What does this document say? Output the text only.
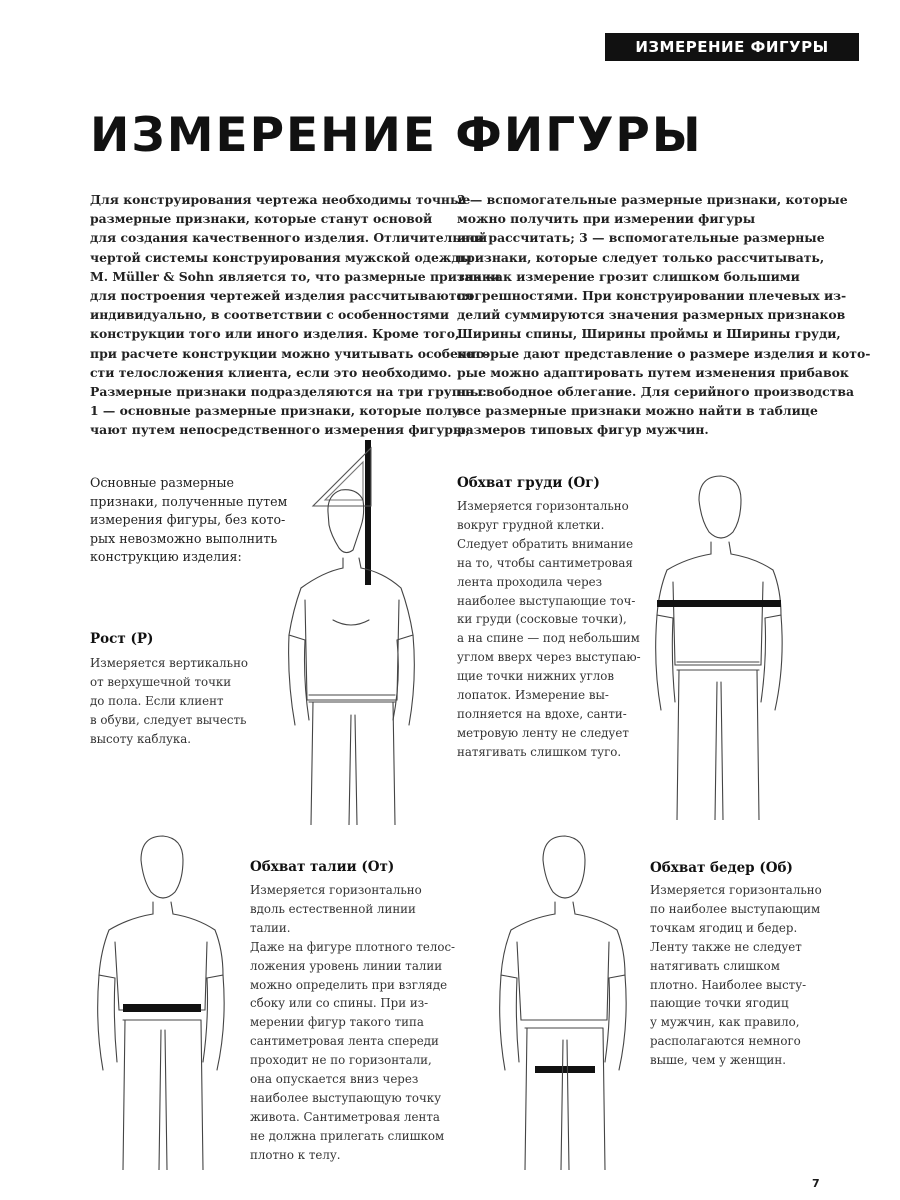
ИЗМЕРЕНИЕ ФИГУРЫ
ИЗМЕРЕНИЕ ФИГУРЫ
Для конструирования чертежа необходимы точные
размерные признаки, которые станут основой
для создания качественного изделия. Отличительной
чертой системы конструирования мужской одежды
M. Müller & Sohn является то, что размерные признаки
для построения чертежей изделия рассчитываются
индивидуально, в соответствии с особенностями
конструкции того или иного изделия. Кроме того,
при расчете конструкции можно учитывать особенно-
сти телосложения клиента, если это необходимо.
Размерные признаки подразделяются на три группы:
1 — основные размерные признаки, которые полу-
чают путем непосредственного измерения фигуры;
2 — вспомогательные размерные признаки, которые
можно получить при измерении фигуры
или рассчитать; 3 — вспомогательные размерные
признаки, которые следует только рассчитывать,
так как измерение грозит слишком большими
погрешностями. При конструировании плечевых из-
делий суммируются значения размерных признаков
Ширины спины, Ширины проймы и Ширины груди,
которые дают представление о размере изделия и кото-
рые можно адаптировать путем изменения прибавок
на свободное облегание. Для серийного производства
все размерные признаки можно найти в таблице
размеров типовых фигур мужчин.
Основные размерные
признаки, полученные путем
измерения фигуры, без кото-
рых невозможно выполнить
конструкцию изделия:
Рост (Р)
Измеряется вертикально
от верхушечной точки
до пола. Если клиент
в обуви, следует вычесть
высоту каблука.
Обхват груди (Ог)
Измеряется горизонтально
вокруг грудной клетки.
Следует обратить внимание
на то, чтобы сантиметровая
лента проходила через
наиболее выступающие точ-
ки груди (сосковые точки),
а на спине — под небольшим
углом вверх через выступаю-
щие точки нижних углов
лопаток. Измерение вы-
полняется на вдохе, санти-
метровую ленту не следует
натягивать слишком туго.
Обхват талии (От)
Измеряется горизонтально
вдоль естественной линии
талии.
Даже на фигуре плотного телос-
ложения уровень линии талии
можно определить при взгляде
сбоку или со спины. При из-
мерении фигур такого типа
сантиметровая лента спереди
проходит не по горизонтали,
она опускается вниз через
наиболее выступающую точку
живота. Сантиметровая лента
не должна прилегать слишком
плотно к телу.
Обхват бедер (Об)
Измеряется горизонтально
по наиболее выступающим
точкам ягодиц и бедер.
Ленту также не следует
натягивать слишком
плотно. Наиболее высту-
пающие точки ягодиц
у мужчин, как правило,
располагаются немного
выше, чем у женщин.
7
